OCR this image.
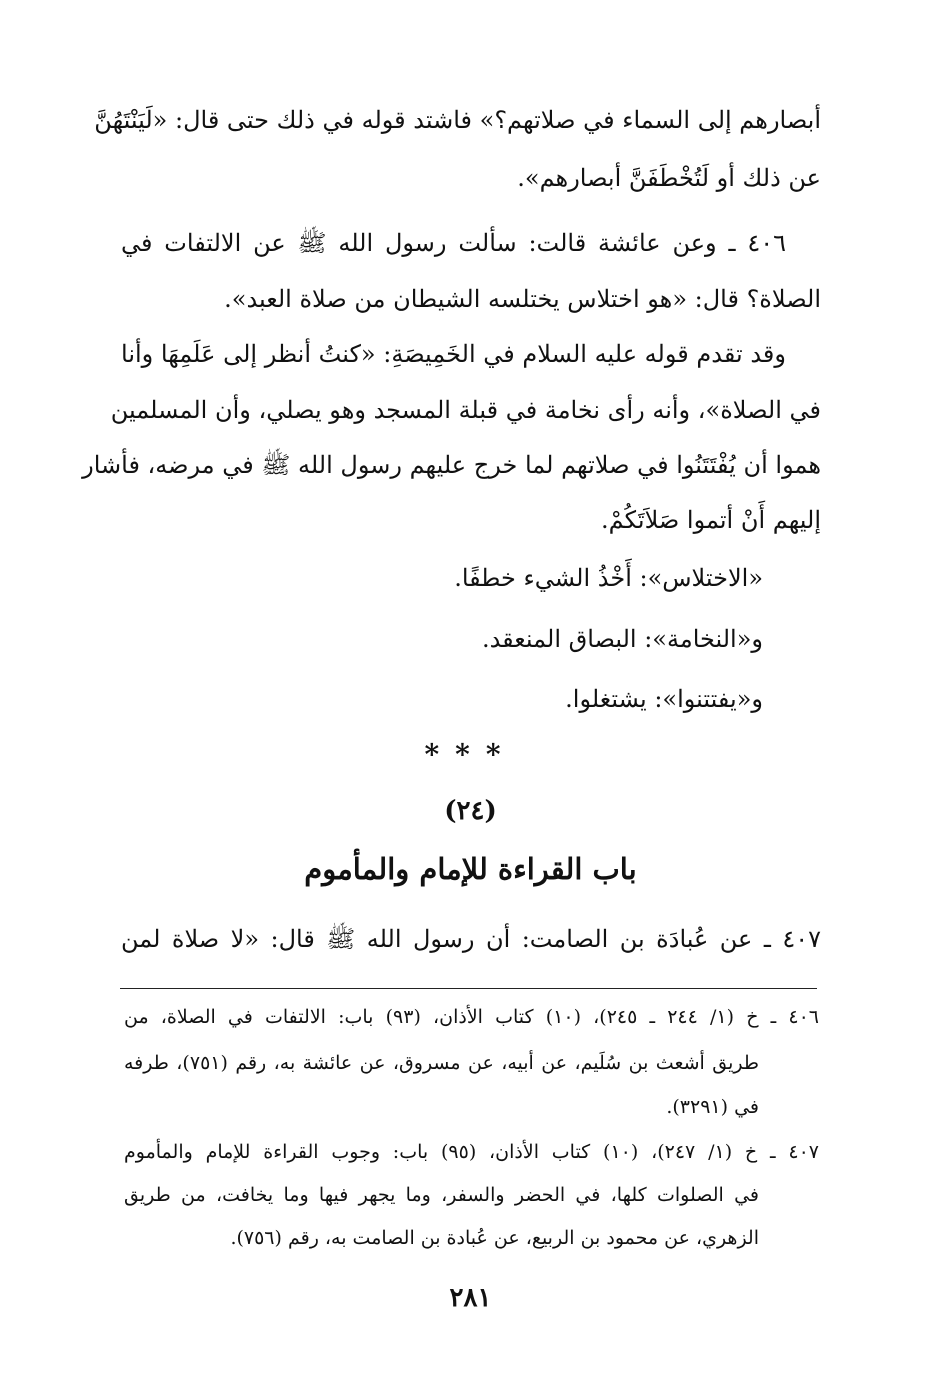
أبصارهم إلى السماء في صلاتهم؟» فاشتد قوله في ذلك حتى قال: «لَيَنْتَهُنَّ
عن ذلك أو لَتُخْطَفَنَّ أبصارهم».
٤٠٦ ـ وعن عائشة قالت: سألت رسول الله ﷺ عن الالتفات في
الصلاة؟ قال: «هو اختلاس يختلسه الشيطان من صلاة العبد».
وقد تقدم قوله عليه السلام في الخَمِيصَةِ: «كنتُ أنظر إلى عَلَمِهَا وأنا
في الصلاة»، وأنه رأى نخامة في قبلة المسجد وهو يصلي، وأن المسلمين
هموا أن يُفْتَتَنُوا في صلاتهم لما خرج عليهم رسول الله ﷺ في مرضه، فأشار
إليهم أَنْ أتموا صَلاَتَكُمْ.
«الاختلاس»: أَخْذُ الشيء خطفًا.
و«النخامة»: البصاق المنعقد.
و«يفتتنوا»: يشتغلوا.
***
(٢٤)
باب القراءة للإمام والمأموم
٤٠٧ ـ عن عُبادَة بن الصامت: أن رسول الله ﷺ قال: «لا صلاة لمن
٤٠٦ ـ خ (١/ ٢٤٤ ـ ٢٤٥)، (١٠) كتاب الأذان، (٩٣) باب: الالتفات في الصلاة، من
طريق أشعث بن سُلَيم، عن أبيه، عن مسروق، عن عائشة به، رقم (٧٥١)، طرفه
في (٣٢٩١).
٤٠٧ ـ خ (١/ ٢٤٧)، (١٠) كتاب الأذان، (٩٥) باب: وجوب القراءة للإمام والمأموم
في الصلوات كلها، في الحضر والسفر، وما يجهر فيها وما يخافت، من طريق
الزهري، عن محمود بن الربيع، عن عُبادة بن الصامت به، رقم (٧٥٦).
٢٨١
